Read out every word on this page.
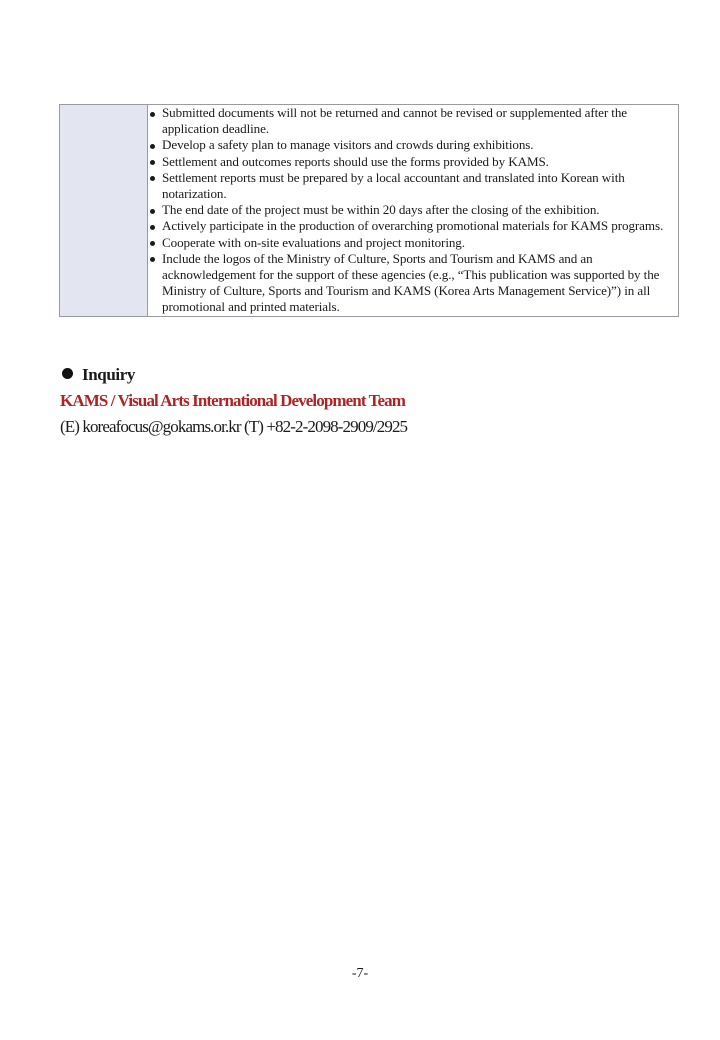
Submitted documents will not be returned and cannot be revised or supplemented after the application deadline.
Develop a safety plan to manage visitors and crowds during exhibitions.
Settlement and outcomes reports should use the forms provided by KAMS.
Settlement reports must be prepared by a local accountant and translated into Korean with notarization.
The end date of the project must be within 20 days after the closing of the exhibition.
Actively participate in the production of overarching promotional materials for KAMS programs.
Cooperate with on-site evaluations and project monitoring.
Include the logos of the Ministry of Culture, Sports and Tourism and KAMS and an acknowledgement for the support of these agencies (e.g., “This publication was supported by the Ministry of Culture, Sports and Tourism and KAMS (Korea Arts Management Service)”) in all promotional and printed materials.
Inquiry
KAMS / Visual Arts International Development Team
(E) koreafocus@gokams.or.kr (T) +82-2-2098-2909/2925
-7-
